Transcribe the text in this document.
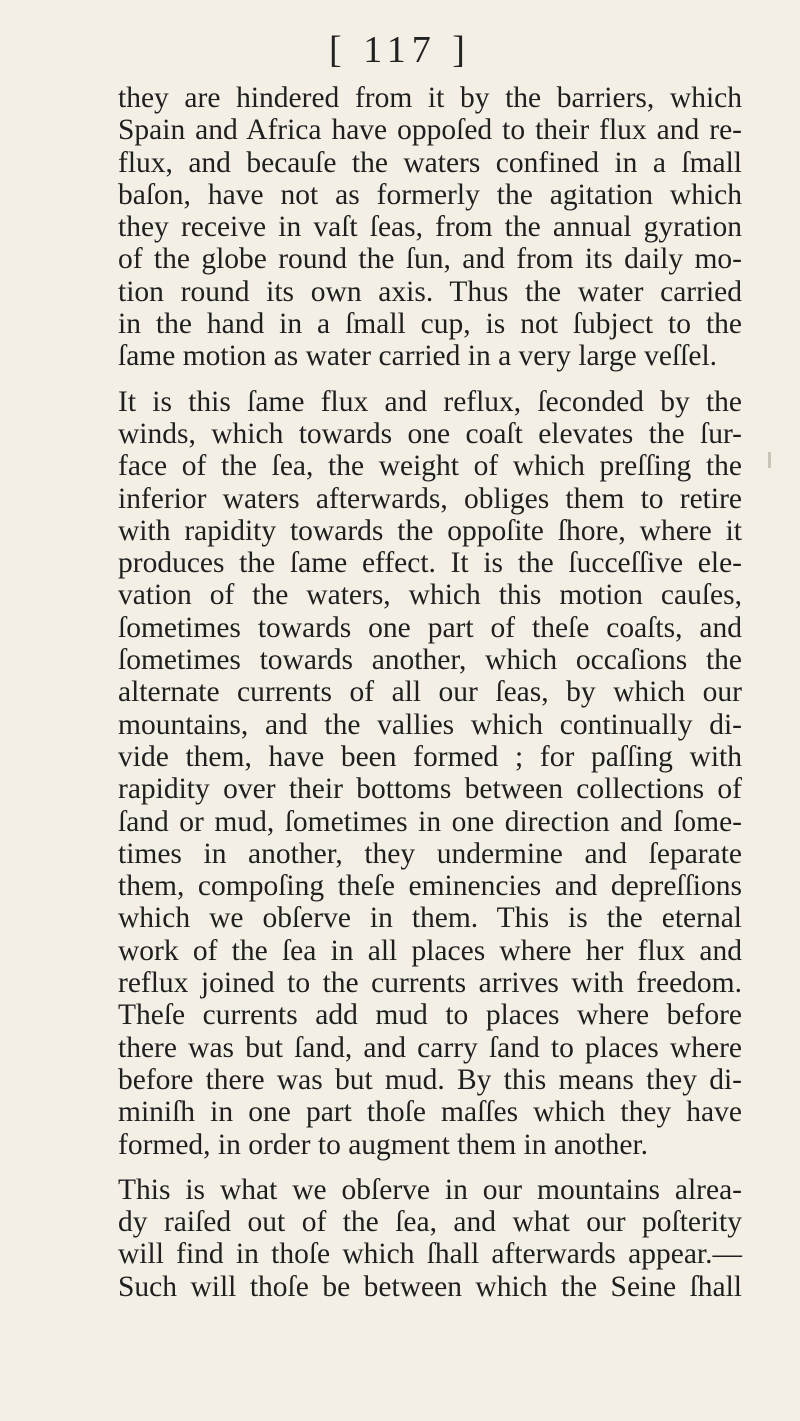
[ 117 ]
they are hindered from it by the barriers, which
Spain and Africa have oppoſed to their flux and re-
flux, and becauſe the waters confined in a ſmall
baſon, have not as formerly the agitation which
they receive in vaſt ſeas, from the annual gyration
of the globe round the ſun, and from its daily mo-
tion round its own axis. Thus the water carried
in the hand in a ſmall cup, is not ſubject to the
ſame motion as water carried in a very large veſſel.
It is this ſame flux and reflux, ſeconded by the
winds, which towards one coaſt elevates the ſur-
face of the ſea, the weight of which preſſing the
inferior waters afterwards, obliges them to retire
with rapidity towards the oppoſite ſhore, where it
produces the ſame effect. It is the ſucceſſive ele-
vation of the waters, which this motion cauſes,
ſometimes towards one part of theſe coaſts, and
ſometimes towards another, which occaſions the
alternate currents of all our ſeas, by which our
mountains, and the vallies which continually di-
vide them, have been formed ; for paſſing with
rapidity over their bottoms between collections of
ſand or mud, ſometimes in one direction and ſome-
times in another, they undermine and ſeparate
them, compoſing theſe eminencies and depreſſions
which we obſerve in them. This is the eternal
work of the ſea in all places where her flux and
reflux joined to the currents arrives with freedom.
Theſe currents add mud to places where before
there was but ſand, and carry ſand to places where
before there was but mud. By this means they di-
miniſh in one part thoſe maſſes which they have
formed, in order to augment them in another.
This is what we obſerve in our mountains alrea-
dy raiſed out of the ſea, and what our poſterity
will find in thoſe which ſhall afterwards appear.—
Such will thoſe be between which the Seine ſhall
